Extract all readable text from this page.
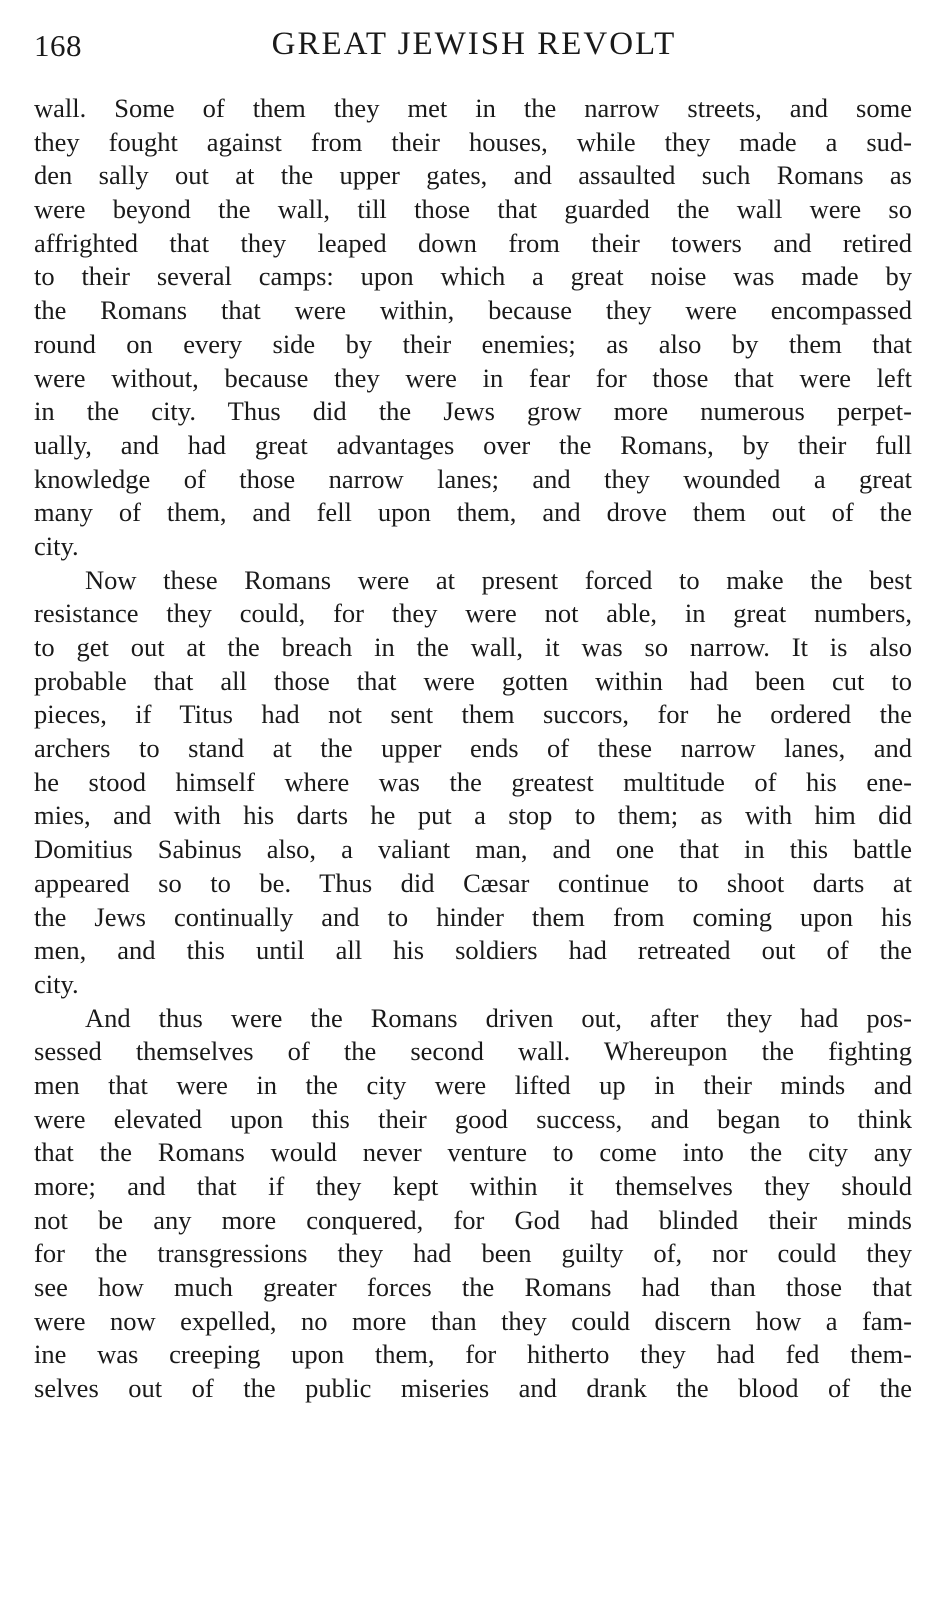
168	GREAT JEWISH REVOLT
wall. Some of them they met in the narrow streets, and some
they fought against from their houses, while they made a sud-
den sally out at the upper gates, and assaulted such Romans as
were beyond the wall, till those that guarded the wall were so
affrighted that they leaped down from their towers and retired
to their several camps: upon which a great noise was made by
the Romans that were within, because they were encompassed
round on every side by their enemies; as also by them that
were without, because they were in fear for those that were left
in the city. Thus did the Jews grow more numerous perpet-
ually, and had great advantages over the Romans, by their full
knowledge of those narrow lanes; and they wounded a great
many of them, and fell upon them, and drove them out of the
city.
Now these Romans were at present forced to make the best
resistance they could, for they were not able, in great numbers,
to get out at the breach in the wall, it was so narrow. It is also
probable that all those that were gotten within had been cut to
pieces, if Titus had not sent them succors, for he ordered the
archers to stand at the upper ends of these narrow lanes, and
he stood himself where was the greatest multitude of his ene-
mies, and with his darts he put a stop to them; as with him did
Domitius Sabinus also, a valiant man, and one that in this battle
appeared so to be. Thus did Cæsar continue to shoot darts at
the Jews continually and to hinder them from coming upon his
men, and this until all his soldiers had retreated out of the
city.
And thus were the Romans driven out, after they had pos-
sessed themselves of the second wall. Whereupon the fighting
men that were in the city were lifted up in their minds and
were elevated upon this their good success, and began to think
that the Romans would never venture to come into the city any
more; and that if they kept within it themselves they should
not be any more conquered, for God had blinded their minds
for the transgressions they had been guilty of, nor could they
see how much greater forces the Romans had than those that
were now expelled, no more than they could discern how a fam-
ine was creeping upon them, for hitherto they had fed them-
selves out of the public miseries and drank the blood of the
